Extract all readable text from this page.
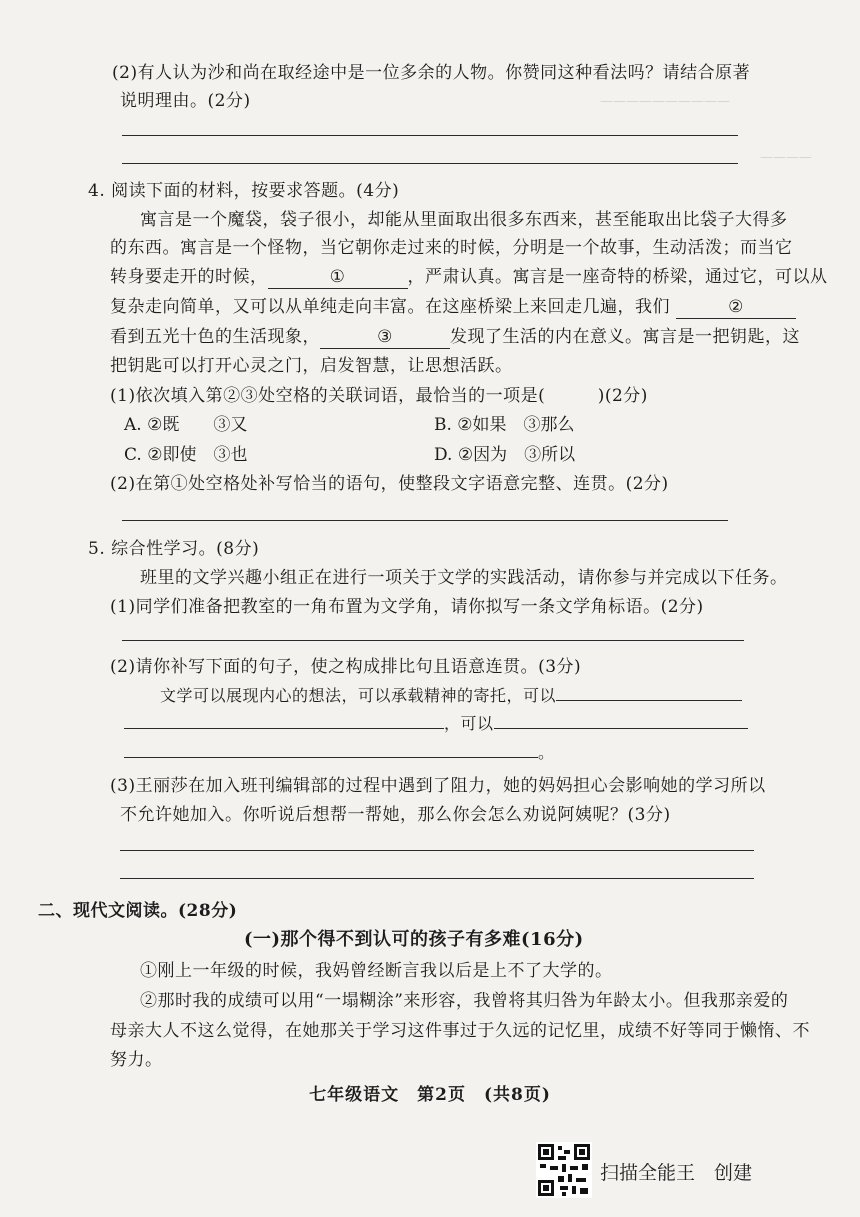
——————————
————
(2)有人认为沙和尚在取经途中是一位多余的人物。你赞同这种看法吗？请结合原著
说明理由。(2分)
4. 阅读下面的材料，按要求答题。(4分)
寓言是一个魔袋，袋子很小，却能从里面取出很多东西来，甚至能取出比袋子大得多
的东西。寓言是一个怪物，当它朝你走过来的时候，分明是一个故事，生动活泼；而当它
转身要走开的时候，	①	，严肃认真。寓言是一座奇特的桥梁，通过它，可以从
复杂走向简单，又可以从单纯走向丰富。在这座桥梁上来回走几遍，我们	②
看到五光十色的生活现象，	③	发现了生活的内在意义。寓言是一把钥匙，这
把钥匙可以打开心灵之门，启发智慧，让思想活跃。
(1)依次填入第②③处空格的关联词语，最恰当的一项是(　　　)(2分)
A. ②既　　③又	B. ②如果　③那么
C. ②即使　③也	D. ②因为　③所以
(2)在第①处空格处补写恰当的语句，使整段文字语意完整、连贯。(2分)
5. 综合性学习。(8分)
班里的文学兴趣小组正在进行一项关于文学的实践活动，请你参与并完成以下任务。
(1)同学们准备把教室的一角布置为文学角，请你拟写一条文学角标语。(2分)
(2)请你补写下面的句子，使之构成排比句且语意连贯。(3分)
文学可以展现内心的想法，可以承载精神的寄托，可以
，可以
。
(3)王丽莎在加入班刊编辑部的过程中遇到了阻力，她的妈妈担心会影响她的学习所以
不允许她加入。你听说后想帮一帮她，那么你会怎么劝说阿姨呢？(3分)
二、现代文阅读。(28分)
(一)那个得不到认可的孩子有多难(16分)
①刚上一年级的时候，我妈曾经断言我以后是上不了大学的。
②那时我的成绩可以用“一塌糊涂”来形容，我曾将其归咎为年龄太小。但我那亲爱的
母亲大人不这么觉得，在她那关于学习这件事过于久远的记忆里，成绩不好等同于懒惰、不
努力。
七年级语文　第2页　(共8页)
扫描全能王　创建
